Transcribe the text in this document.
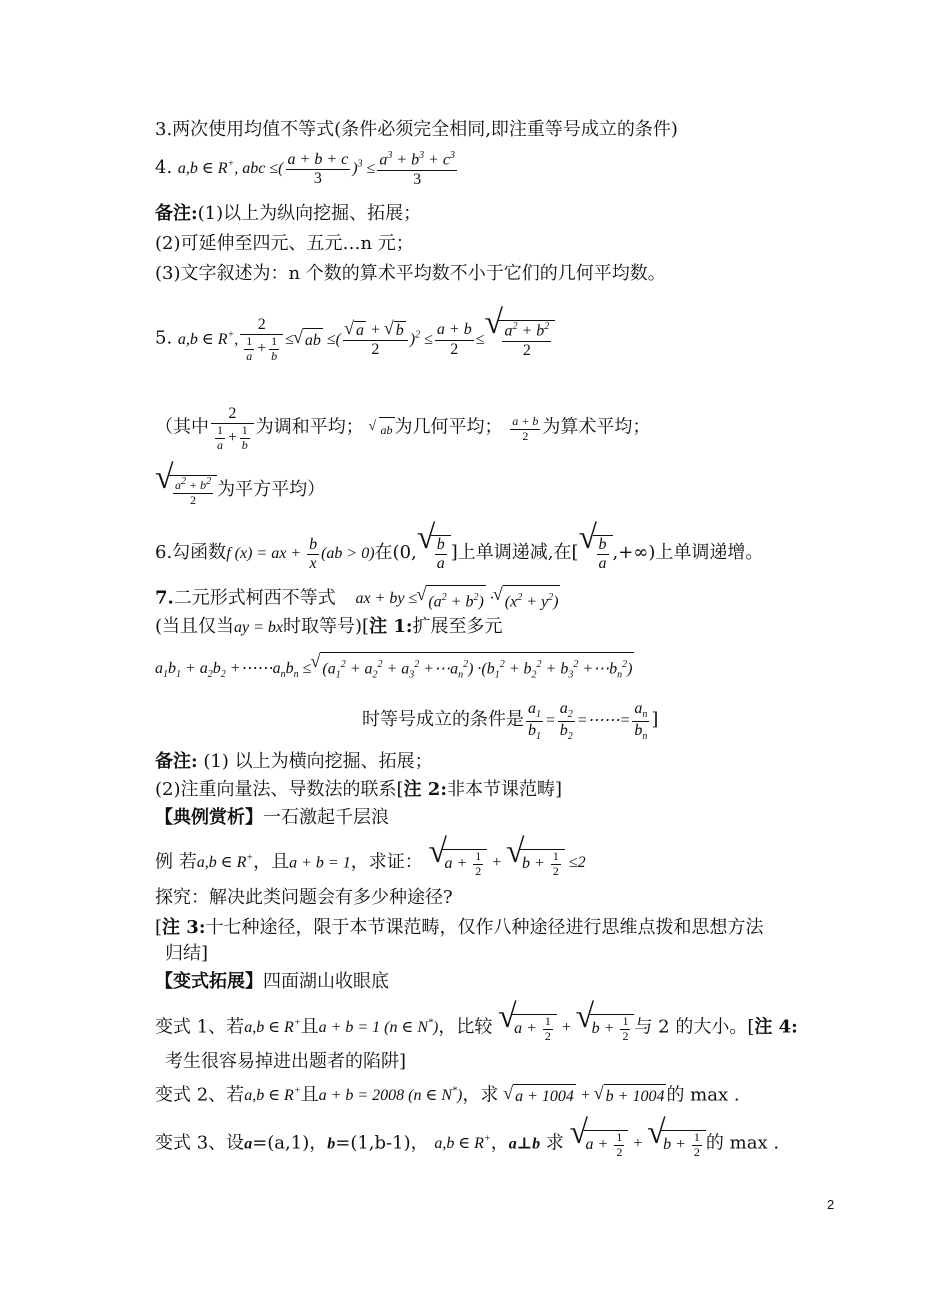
3.两次使用均值不等式(条件必须完全相同,即注重等号成立的条件)
4. a,b ∈ R+, abc ≤( $\frac{a + b + c}{3} )^3 \le \frac{a^3 + b^3 + c^3}{3}$
备注:(1)以上为纵向挖掘、拓展；
(2)可延伸至四元、五元…n 元；
(3)文字叙述为：n 个数的算术平均数不小于它们的几何平均数。
5. a,b ∈ R+, $\frac{2}{\frac{1}{a} + \frac{1}{b}}$ ≤ √ ab ≤( √ $\frac{a + √ b}{2} )^2 \le \frac{a + b}{2}$ ≤ √ $\frac{a^2 + b^2}{2}$
（其中 $\frac{2}{\frac{1}{a} + \frac{1}{b}}$ 为调和平均； √ ab 为几何平均； $\frac{a + b}{2}$ 为算术平均；
√ $\frac{a^2 + b^2}{2}$ 为平方平均）
6.勾函数f (x) = ax + $\frac{b}{x} (ab > 0)$在(0, √ $\frac{b}{a}$ ]上单调递减,在[ √ $\frac{b}{a}$ ,+∞)上单调递增。
7.二元形式柯西不等式 ax + by ≤ √ $(a^2 + b^2)$ · √ $(x^2 + y^2)$
(当且仅当ay = bx时取等号)[注 1:扩展至多元
$a_1b_1 + a_2b_2$ $+\cdots\cdots a_nb_n$ ≤ √ ($a_1^2 + a_2^2 + a_3^2$ $+\cdots a_n^2) \cdot(b_1^2 + b_2^2 + b_3^2$ $+\cdots b_n^2$)
时等号成立的条件是 $\frac{a_1}{b_1} = \frac{a_2}{b_2}$ =⋯⋯= $\frac{a_n}{b_n}$ ]
备注: (1) 以上为横向挖掘、拓展；
(2)注重向量法、导数法的联系[注 2:非本节课范畴]
【典例赏析】一石激起千层浪
例 若a,b ∈ R+，且a + b = 1，求证： √ $a + \frac{1}{2}$ + √ $b + \frac{1}{2} \le 2$
探究：解决此类问题会有多少种途径?
[注 3:十七种途径，限于本节课范畴，仅作八种途径进行思维点拨和思想方法
归结]
【变式拓展】四面湖山收眼底
变式 1、若a,b ∈ R+且a + b = 1 (n ∈ N*)，比较 √ $a + \frac{1}{2}$ + √ $b + \frac{1}{2}$ 与 2 的大小。[注 4:
考生很容易掉进出题者的陷阱]
变式 2、若a,b ∈ R+且a + b = 2008 (n ∈ N*)，求 √ a + 1004 + √ b + 1004 的 max .
变式 3、设a=(a,1)，b=(1,b-1)， a,b ∈ R+，a⊥b 求 √ $a + \frac{1}{2}$ + √ $b + \frac{1}{2}$ 的 max .
2
